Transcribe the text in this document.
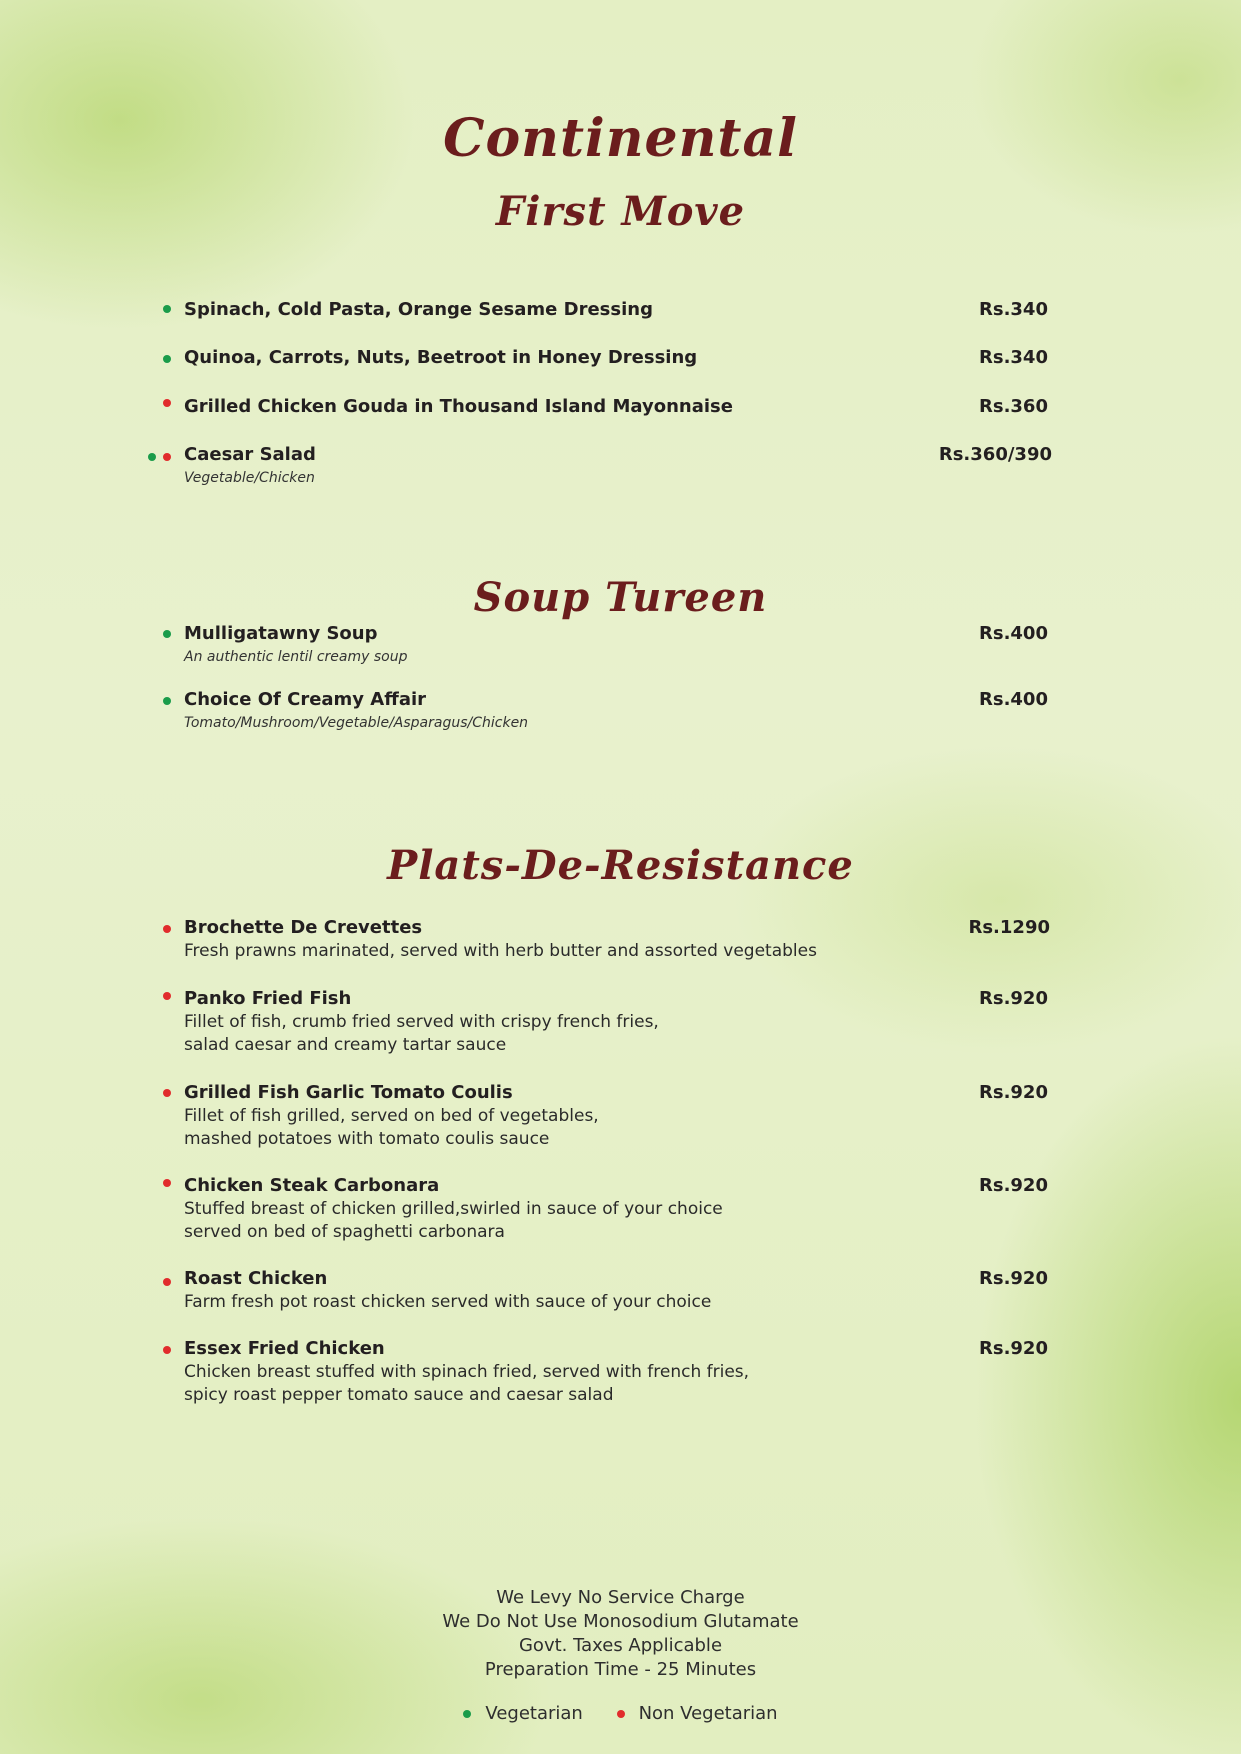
Continental
First Move
Spinach, Cold Pasta, Orange Sesame Dressing	Rs.340
Quinoa, Carrots, Nuts, Beetroot in Honey Dressing	Rs.340
Grilled Chicken Gouda in Thousand Island Mayonnaise	Rs.360
Caesar Salad
Vegetable/Chicken
Rs.360/390
Soup Tureen
Mulligatawny Soup
An authentic lentil creamy soup
Rs.400
Choice Of Creamy Affair
Tomato/Mushroom/Vegetable/Asparagus/Chicken
Rs.400
Plats-De-Resistance
Brochette De Crevettes
Fresh prawns marinated, served with herb butter and assorted vegetables
Rs.1290
Panko Fried Fish
Fillet of fish, crumb fried served with crispy french fries,
salad caesar and creamy tartar sauce
Rs.920
Grilled Fish Garlic Tomato Coulis
Fillet of fish grilled, served on bed of vegetables,
mashed potatoes with tomato coulis sauce
Rs.920
Chicken Steak Carbonara
Stuffed breast of chicken grilled,swirled in sauce of your choice
served on bed of spaghetti carbonara
Rs.920
Roast Chicken
Farm fresh pot roast chicken served with sauce of your choice
Rs.920
Essex Fried Chicken
Chicken breast stuffed with spinach fried, served with french fries,
spicy roast pepper tomato sauce and caesar salad
Rs.920
We Levy No Service Charge
We Do Not Use Monosodium Glutamate
Govt. Taxes Applicable
Preparation Time - 25 Minutes
Vegetarian
	Non Vegetarian
